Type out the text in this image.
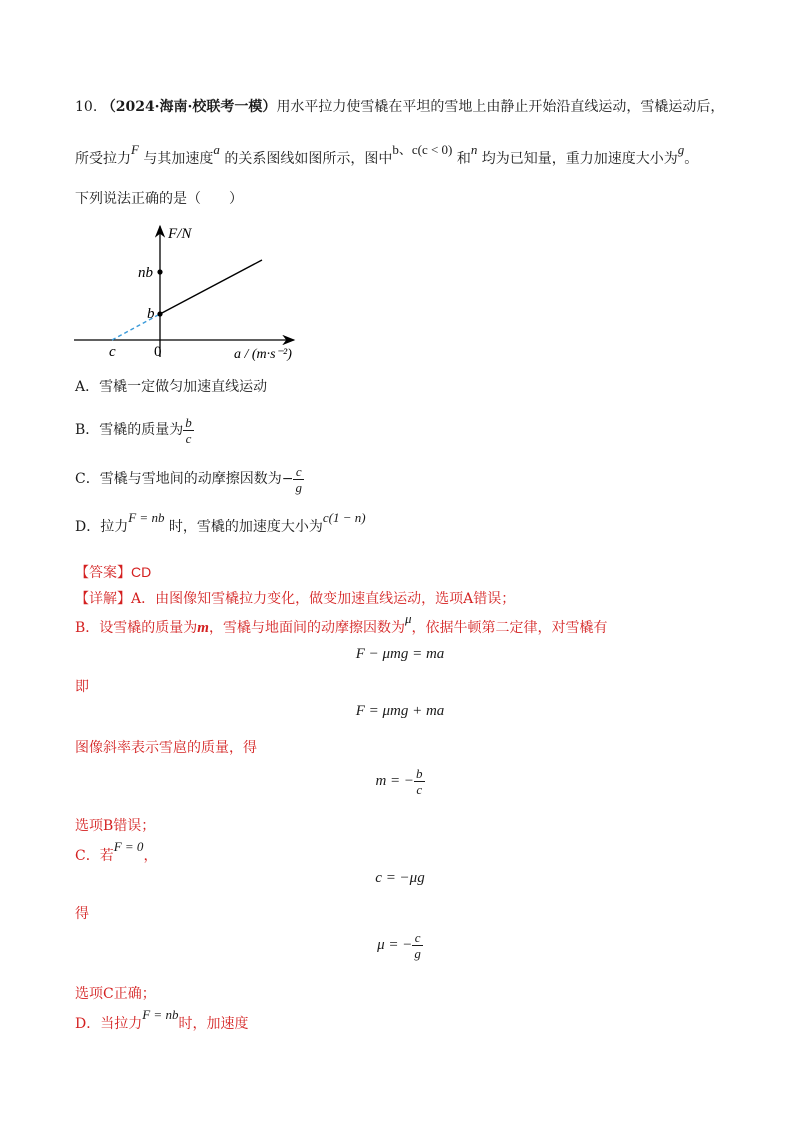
10. （2024·海南·校联考一模）用水平拉力使雪橇在平坦的雪地上由静止开始沿直线运动，雪橇运动后，
所受拉力F 与其加速度a 的关系图线如图所示，图中b、c(c < 0) 和n 均为已知量，重力加速度大小为g。
下列说法正确的是（　　）
F/N
nb
b
c	0	a / (m·s⁻²)
A．雪橇一定做匀加速直线运动
B．雪橇的质量为 $\frac{b}{c}$
C．雪橇与雪地间的动摩擦因数为− $\frac{c}{g}$
D．拉力F = nb 时，雪橇的加速度大小为c(1 − n)
【答案】CD
【详解】A．由图像知雪橇拉力变化，做变加速直线运动，选项A错误；
B．设雪橇的质量为m，雪橇与地面间的动摩擦因数为μ，依据牛顿第二定律，对雪橇有
F − μmg = ma
即
F = μmg + ma
图像斜率表示雪扈的质量，得
m = − $\frac{b}{c}$
选项B错误；
C．若F = 0，
c = −μg
得
μ = − $\frac{c}{g}$
选项C正确；
D．当拉力F = nb时，加速度
